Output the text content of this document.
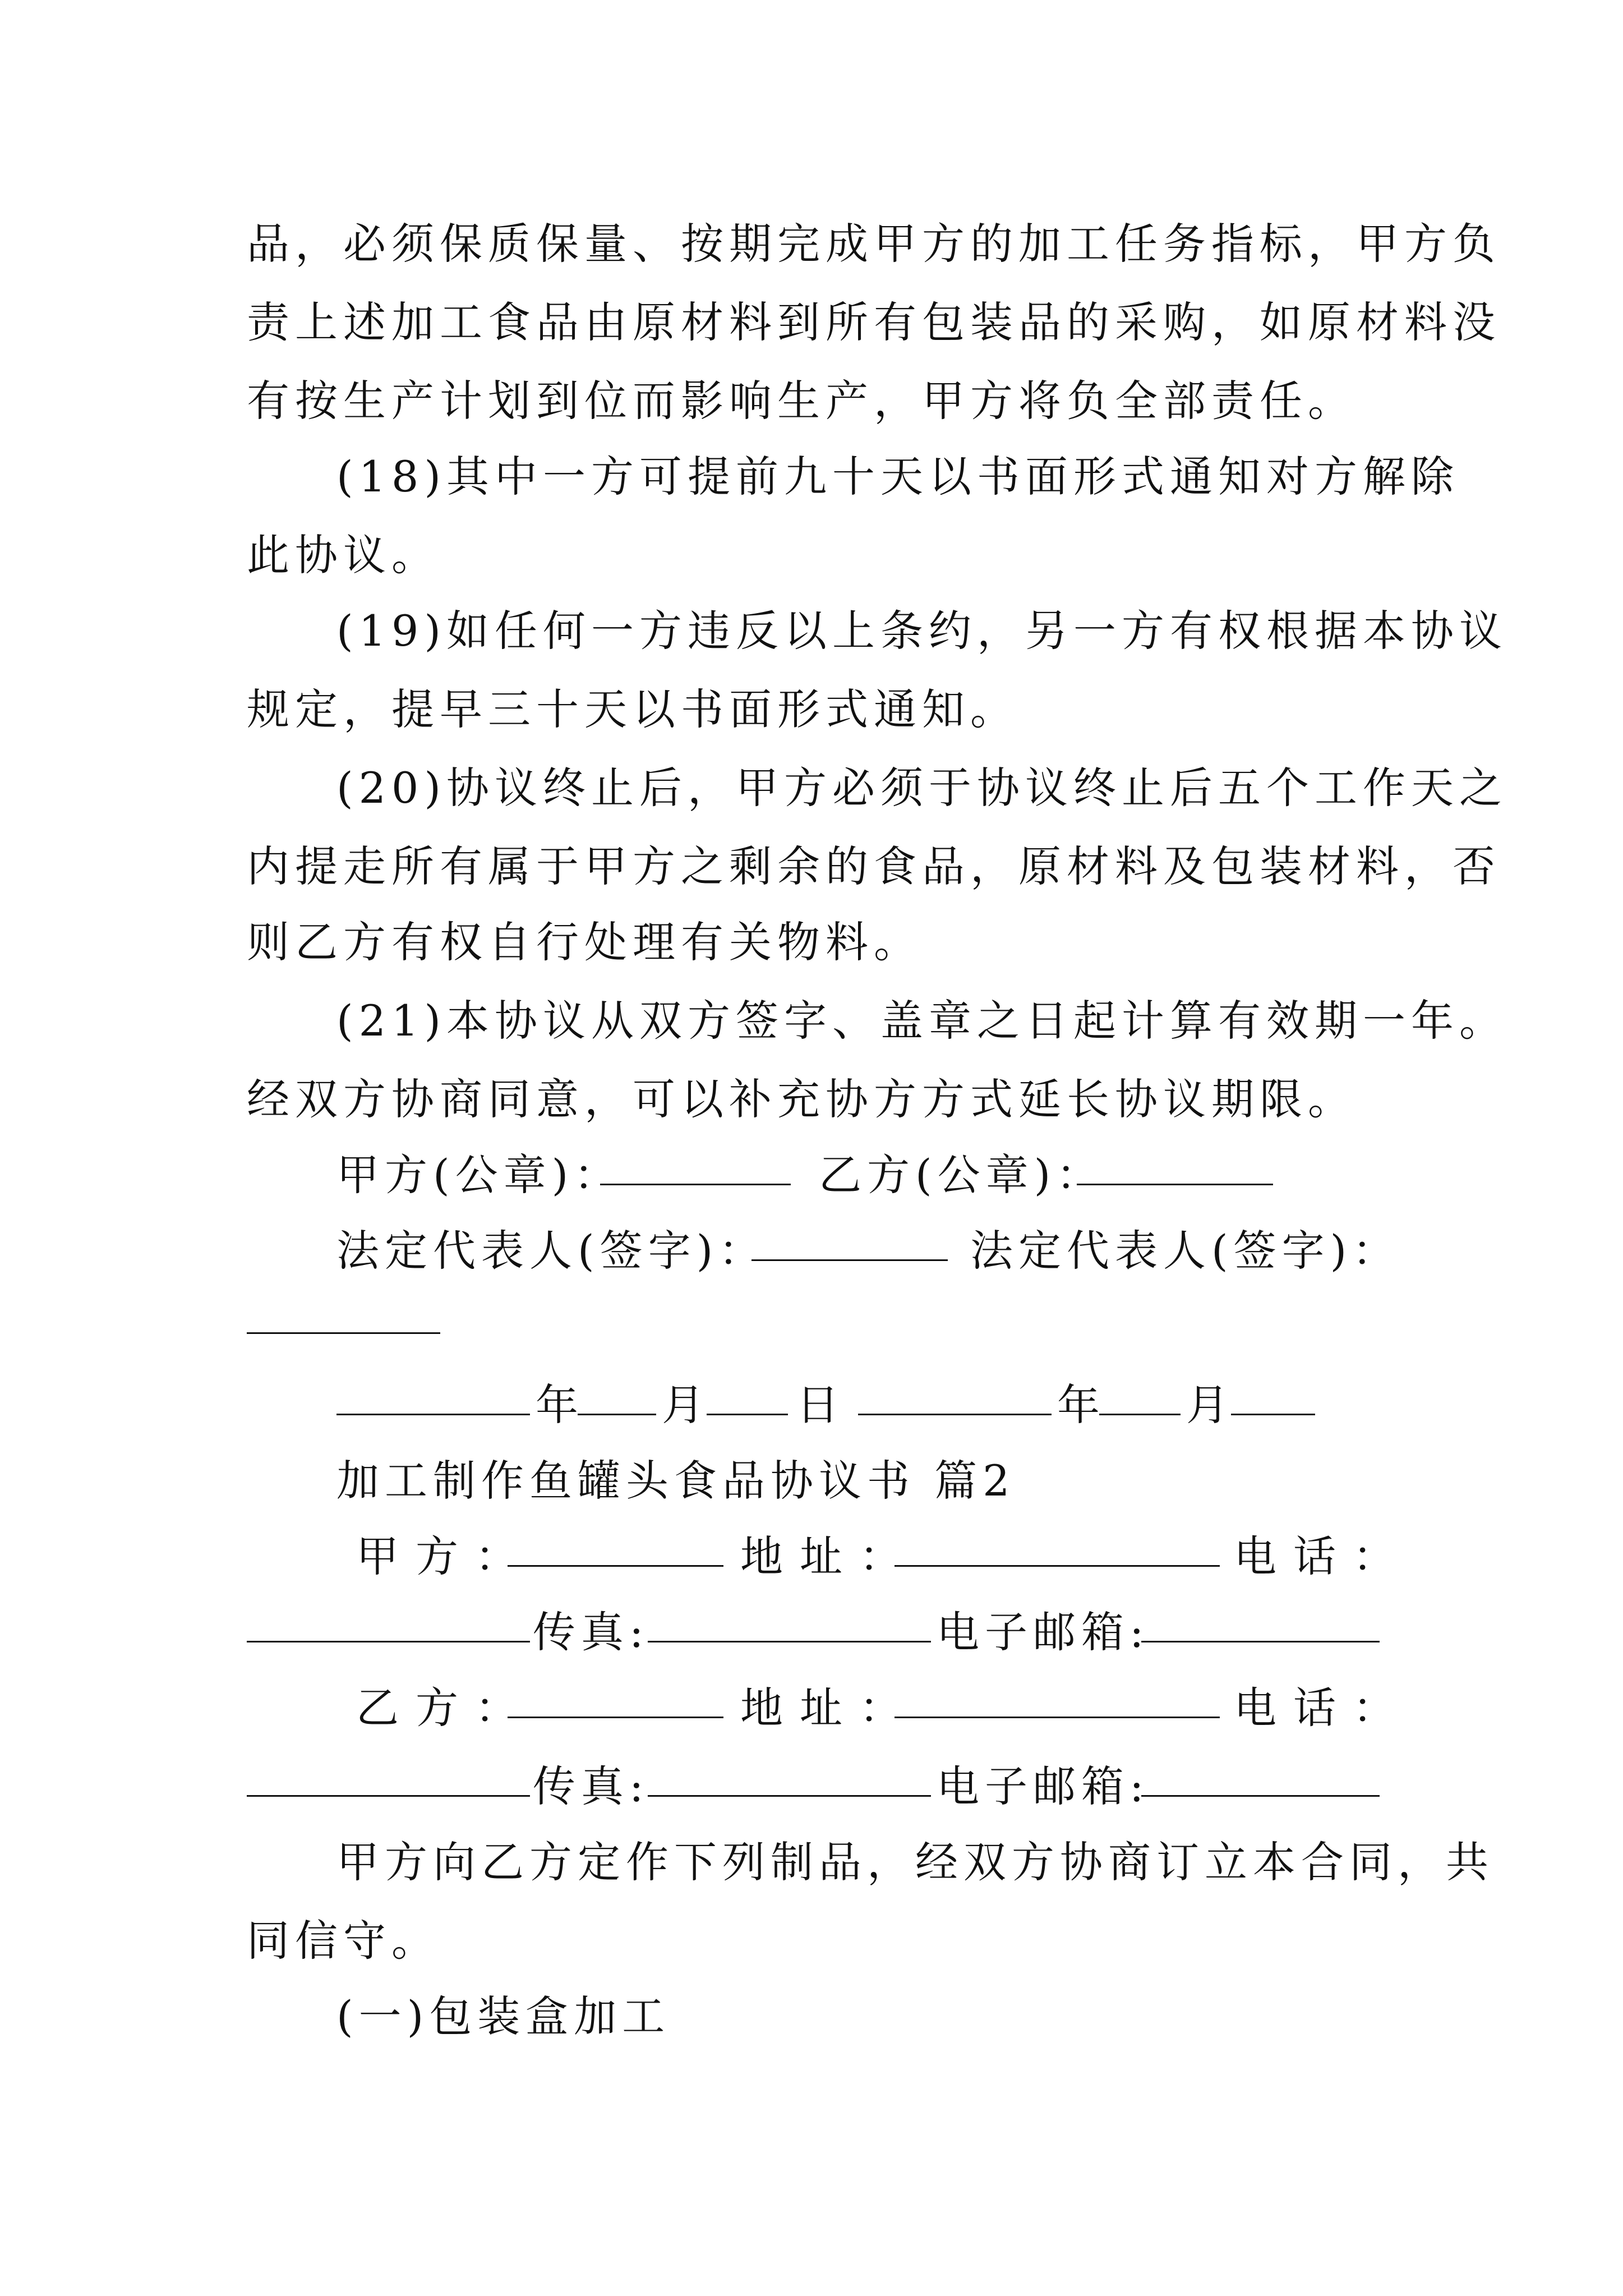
品，必须保质保量、按期完成甲方的加工任务指标，甲方负
责上述加工食品由原材料到所有包装品的采购，如原材料没
有按生产计划到位而影响生产，甲方将负全部责任。
(18)其中一方可提前九十天以书面形式通知对方解除
此协议。
(19)如任何一方违反以上条约，另一方有权根据本协议
规定，提早三十天以书面形式通知。
(20)协议终止后，甲方必须于协议终止后五个工作天之
内提走所有属于甲方之剩余的食品，原材料及包装材料，否
则乙方有权自行处理有关物料。
(21)本协议从双方签字、盖章之日起计算有效期一年。
经双方协商同意，可以补充协方方式延长协议期限。
甲方(公章)：	乙方(公章)：
法定代表人(签字)：	法定代表人(签字)：
年 月 日	年 月
加工制作鱼罐头食品协议书 篇2
甲方：	地址：	电话：
传真:	电子邮箱:
乙方：	地址：	电话：
传真:	电子邮箱:
甲方向乙方定作下列制品，经双方协商订立本合同，共
同信守。
(一)包装盒加工
